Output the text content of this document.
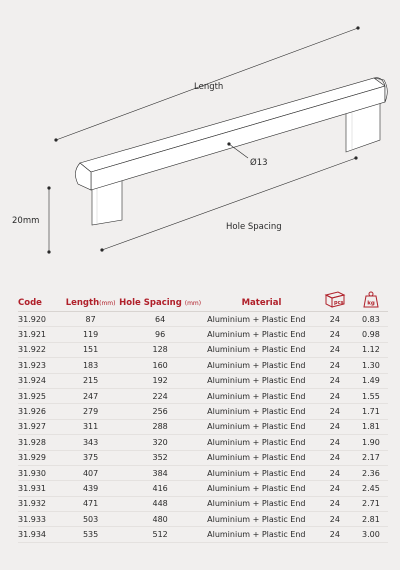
Length
Ø13
20mm
Hole Spacing
Code	Length(mm)	Hole Spacing (mm)	Material	pcs	kg

31.920	87	64	Aluminium + Plastic End	24	0.83
31.921	119	96	Aluminium + Plastic End	24	0.98
31.922	151	128	Aluminium + Plastic End	24	1.12
31.923	183	160	Aluminium + Plastic End	24	1.30
31.924	215	192	Aluminium + Plastic End	24	1.49
31.925	247	224	Aluminium + Plastic End	24	1.55
31.926	279	256	Aluminium + Plastic End	24	1.71
31.927	311	288	Aluminium + Plastic End	24	1.81
31.928	343	320	Aluminium + Plastic End	24	1.90
31.929	375	352	Aluminium + Plastic End	24	2.17
31.930	407	384	Aluminium + Plastic End	24	2.36
31.931	439	416	Aluminium + Plastic End	24	2.45
31.932	471	448	Aluminium + Plastic End	24	2.71
31.933	503	480	Aluminium + Plastic End	24	2.81
31.934	535	512	Aluminium + Plastic End	24	3.00
